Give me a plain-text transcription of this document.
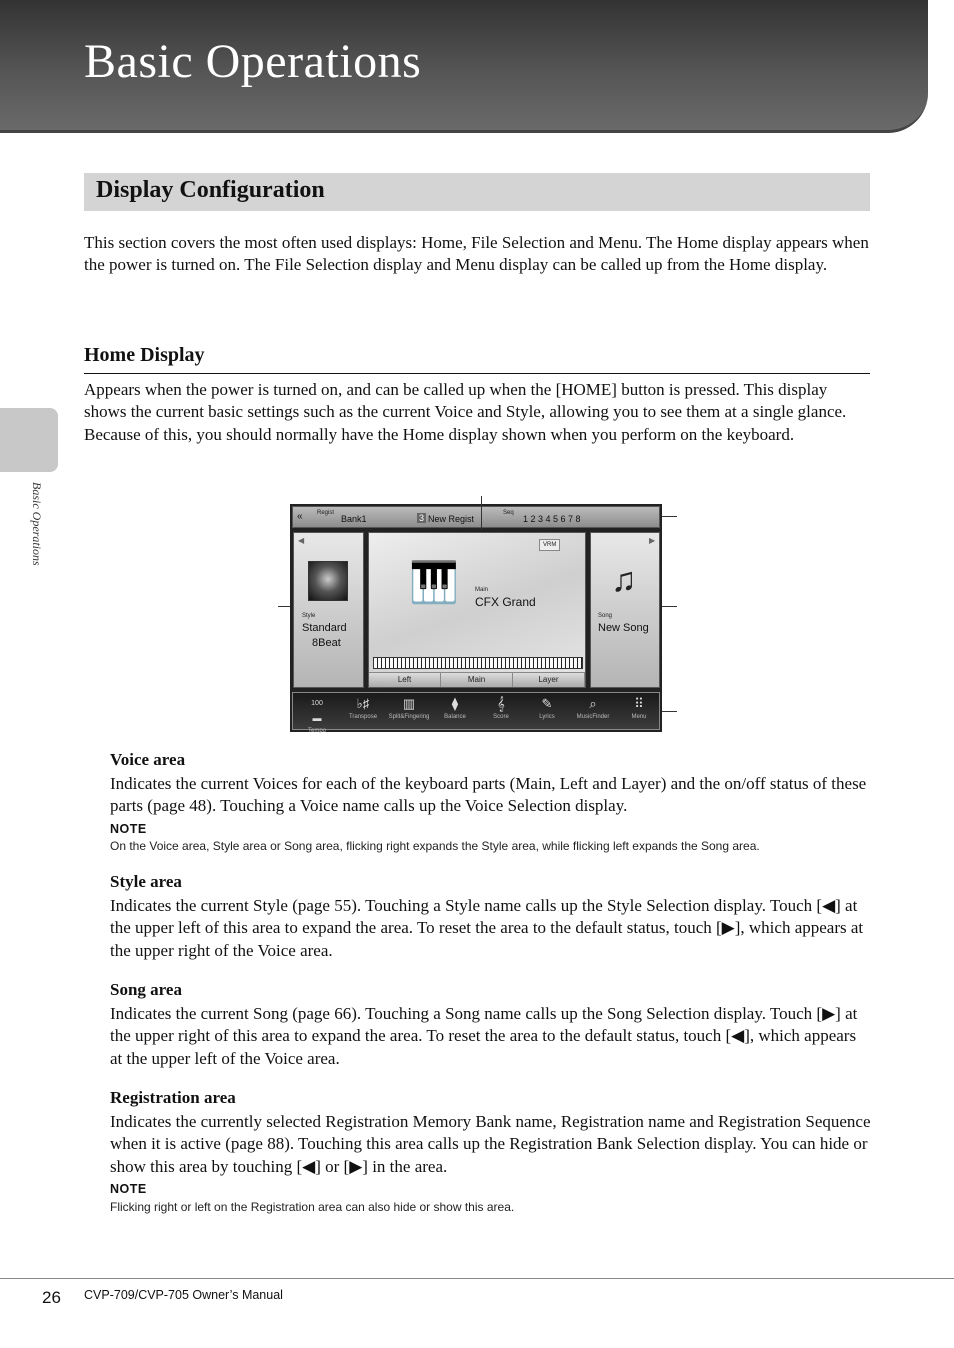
Basic Operations
Display Configuration

This section covers the most often used displays: Home, File Selection and Menu. The Home display appears when the power is turned on. The File Selection display and Menu display can be called up from the Home display.

Home Display

Appears when the power is turned on, and can be called up when the [HOME] button is pressed. This display shows the current basic settings such as the current Voice and Style, allowing you to see them at a single glance. Because of this, you should normally have the Home display shown when you perform on the keyboard.

Basic Operations	« Regist
Bank1	3 New Regist
Seq
1 2 3 4 5 6 7 8
◀
Style
Standard
8Beat
VRM
🎹	Main
CFX Grand
Left	Main	Layer
▶
♫
Song
New Song
100
▬
Tempo
♭♯
Transpose
▥
Split&Fingering
⧫
Balance
𝄞
Score
✎
Lyrics
⌕
MusicFinder
⠿
Menu
Voice area

Indicates the current Voices for each of the keyboard parts (Main, Left and Layer) and the on/off status of these parts (page 48). Touching a Voice name calls up the Voice Selection display.

NOTE
On the Voice area, Style area or Song area, flicking right expands the Style area, while flicking left expands the Song area.
Style area

Indicates the current Style (page 55). Touching a Style name calls up the Style Selection display. Touch [◀] at the upper left of this area to expand the area. To reset the area to the default status, touch [▶], which appears at the upper right of the Voice area.

Song area

Indicates the current Song (page 66). Touching a Song name calls up the Song Selection display. Touch [▶] at the upper right of this area to expand the area. To reset the area to the default status, touch [◀], which appears at the upper left of the Voice area.

Registration area

Indicates the currently selected Registration Memory Bank name, Registration name and Registration Sequence when it is active (page 88). Touching this area calls up the Registration Bank Selection display. You can hide or show this area by touching [◀] or [▶] in the area.

NOTE
Flicking right or left on the Registration area can also hide or show this area.
26 CVP-709/CVP-705 Owner’s Manual
